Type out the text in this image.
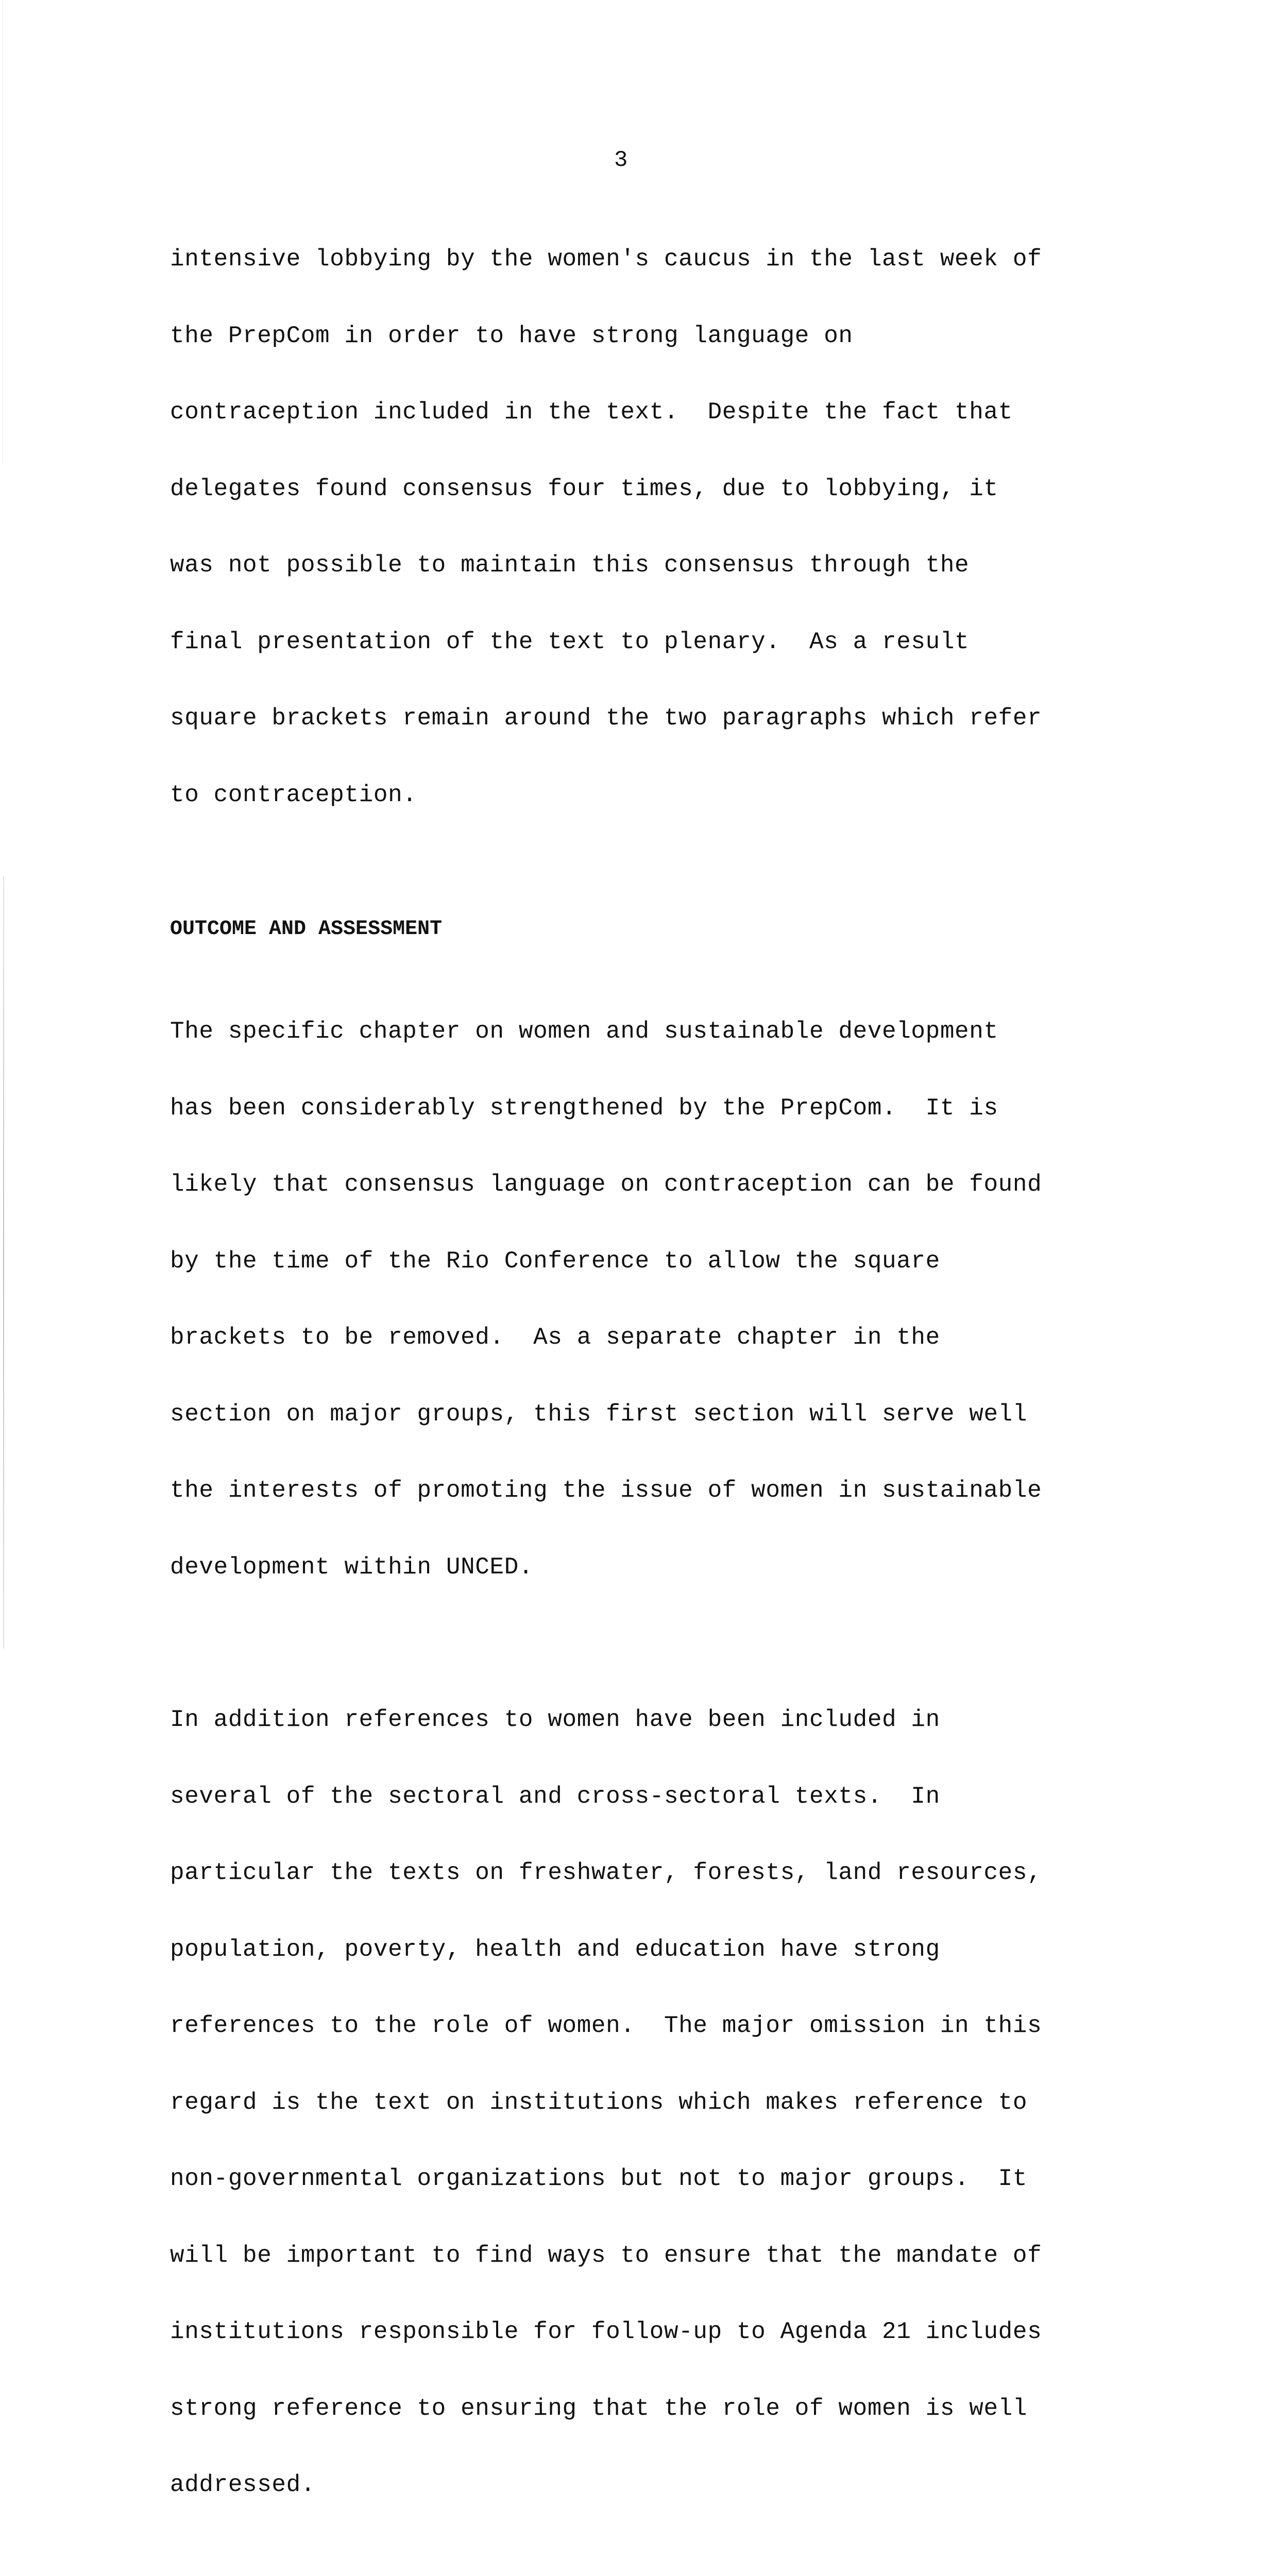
3

intensive lobbying by the women's caucus in the last week of

the PrepCom in order to have strong language on

contraception included in the text.  Despite the fact that

delegates found consensus four times, due to lobbying, it

was not possible to maintain this consensus through the

final presentation of the text to plenary.  As a result

square brackets remain around the two paragraphs which refer

to contraception.

OUTCOME AND ASSESSMENT

The specific chapter on women and sustainable development

has been considerably strengthened by the PrepCom.  It is

likely that consensus language on contraception can be found

by the time of the Rio Conference to allow the square

brackets to be removed.  As a separate chapter in the

section on major groups, this first section will serve well

the interests of promoting the issue of women in sustainable

development within UNCED.

In addition references to women have been included in

several of the sectoral and cross-sectoral texts.  In

particular the texts on freshwater, forests, land resources,

population, poverty, health and education have strong

references to the role of women.  The major omission in this

regard is the text on institutions which makes reference to

non-governmental organizations but not to major groups.  It

will be important to find ways to ensure that the mandate of

institutions responsible for follow-up to Agenda 21 includes

strong reference to ensuring that the role of women is well

addressed.
